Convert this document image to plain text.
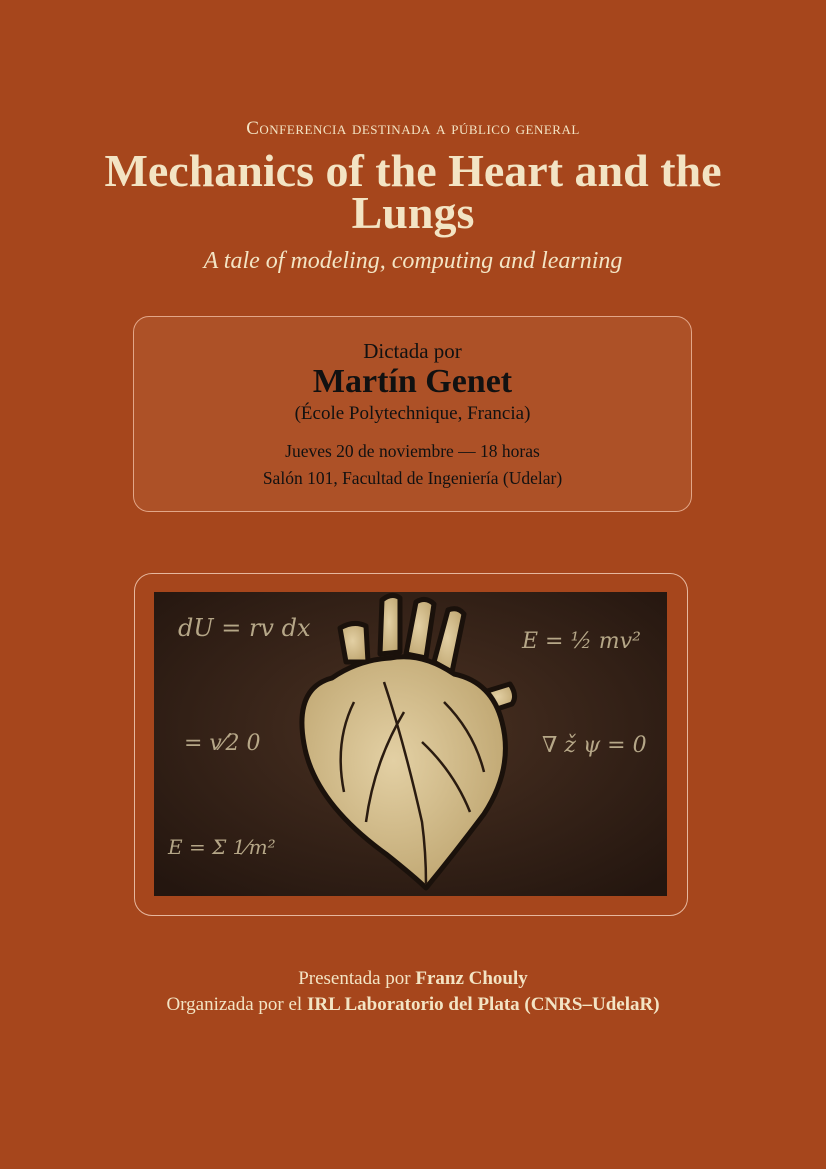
Conferencia destinada a público general
Mechanics of the Heart and the Lungs
A tale of modeling, computing and learning
Dictada por
Martín Genet
(École Polytechnique, Francia)
Jueves 20 de noviembre — 18 horas
Salón 101, Facultad de Ingeniería (Udelar)
dU = rv dx	E = ½ mv²
= v⁄2 0	∇ ž ψ = 0
E = Σ 1⁄m²
Presentada por Franz Chouly
Organizada por el IRL Laboratorio del Plata (CNRS–UdelaR)
